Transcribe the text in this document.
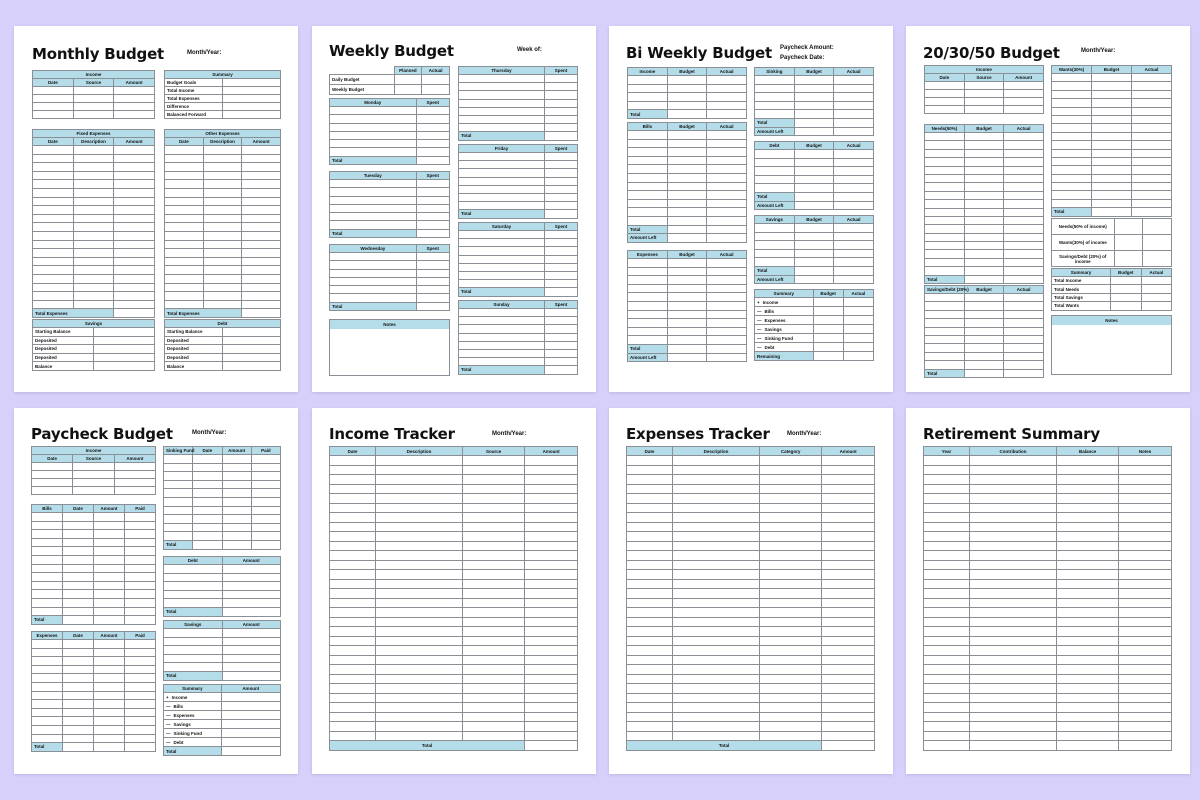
Monthly Budget	Month/Year:
Income		
Date	Source	Amount

Summary	
Budget Goals	
Total Income	
Total Expenses	
Difference	
Balanced Forward	
Fixed Expenses		
Date	Description	Amount

Total Expenses		
Other Expenses		
Date	Description	Amount

Total Expenses		
Savings	
Starting Balance	
Deposited	
Deposited	
Deposited	
Balance	
Debt	
Starting Balance	
Deposited	
Deposited	
Deposited	
Balance	
Weekly Budget	Week of:
	Planned	Actual
Daily Budget		
Weekly Budget		
Monday	Spent

Total	
Tuesday	Spent

Total	
Wednesday	Spent

Total	
Notes
Thursday	Spent

Total	
Friday	Spent

Total	
Saturday	Spent

Total	
Sunday	Spent

Total	
Bi Weekly Budget Paycheck Amount:
Paycheck Date:
Income	Budget	Actual

Total		
Bills	Budget	Actual

Total		
Amount Left		
Expenses	Budget	Actual

Total		
Amount Left		
Sinking	Budget	Actual

Total		
Amount Left		
Debt	Budget	Actual

Total		
Amount Left		
Savings	Budget	Actual

Total		
Amount Left		
Summary	Budget	Actual
+ Income		
— Bills		
— Expenses		
— Savings		
— Sinking Fund		
— Debt		
Remaining		
20/30/50 Budget	Month/Year:
Income		
Date	Source	Amount

Needs(50%)	Budget	Actual

Total		
Savings/Debt (20%)	Budget	Actual

Total		
Wants(30%)	Budget	Actual

Total		
Needs(50% of income)		
Wants(30%) of income		
Savings/Debt (20%) of income		
Summary	Budget	Actual
Total Income		
Total Needs		
Total Savings		
Total Wants		
Notes
Paycheck Budget	Month/Year:
Income		
Date	Source	Amount

Bills	Date	Amount	Paid

Total			
Expenses	Date	Amount	Paid

Total			
Sinking Fund	Date	Amount	Paid

Total			
Debt	Amount

Total	
Savings	Amount

Total	
Summary	Amount
+ Income	
— Bills	
— Expenses	
— Savings	
— Sinking Fund	
— Debt	
Total	
Income Tracker	Month/Year:
Date	Description	Source	Amount

Total			
Expenses Tracker	Month/Year:
Date	Description	Category	Amount

Total			
Retirement Summary
Year	Contribution	Balance	Notes
